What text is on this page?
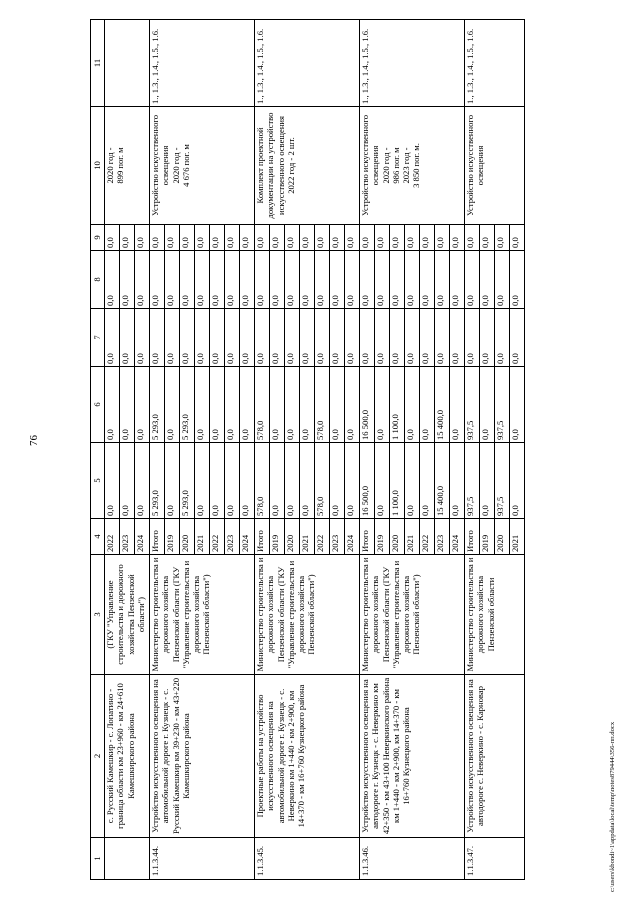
76
c:\users\kbondi~1\appdata\local\temp\notes879444\356-пп.docx
1	2	3	4	5	6	7	8	9	10	11
	с. Русский Камешкир - с. Лопатино - граница области км 23+960 - км 24+610 Камешкирского района	(ГКУ "Управление строительства и дорожного хозяйства Пензенской области")	2022	0,0	0,0	0,0	0,0	0,0	2020 год -
899 пог. м	
			2023	0,0	0,0	0,0	0,0	0,0		
			2024	0,0	0,0	0,0	0,0	0,0		
1.1.3.44.	Устройство искусственного освещения на автомобильной дороге г. Кузнецк - с. Русский Камешкир км 39+230 - км 43+220 Камешкирского района	Министерство строительства и дорожного хозяйства Пензенской области (ГКУ "Управление строительства и дорожного хозяйства Пензенской области")	Итого	5 293,0	5 293,0	0,0	0,0	0,0	Устройство искусственного освещения
2020 год -
4 676 пог. м	1., 1.3., 1.4., 1.5., 1.6.
			2019	0,0	0,0	0,0	0,0	0,0		
			2020	5 293,0	5 293,0	0,0	0,0	0,0		
			2021	0,0	0,0	0,0	0,0	0,0		
			2022	0,0	0,0	0,0	0,0	0,0		
			2023	0,0	0,0	0,0	0,0	0,0		
			2024	0,0	0,0	0,0	0,0	0,0		
1.1.3.45.	Проектные работы на устройство искусственного освещения на автомобильной дороге г. Кузнецк - с. Неверкино км 1+440 - км 2+900, км 14+370 - км 16+760 Кузнецкого района	Министерство строительства и дорожного хозяйства Пензенской области (ГКУ "Управление строительства и дорожного хозяйства Пензенской области")	Итого	578,0	578,0	0,0	0,0	0,0	Комплект проектной документации на устройство искусственного освещения
2022 год - 2 шт.	1., 1.3., 1.4., 1.5., 1.6.
			2019	0,0	0,0	0,0	0,0	0,0		
			2020	0,0	0,0	0,0	0,0	0,0		
			2021	0,0	0,0	0,0	0,0	0,0		
			2022	578,0	578,0	0,0	0,0	0,0		
			2023	0,0	0,0	0,0	0,0	0,0		
			2024	0,0	0,0	0,0	0,0	0,0		
1.1.3.46.	Устройство искусственного освещения на автодороге г. Кузнецк - с. Неверкино км 42+350 - км 43+100 Неверкинского района км 1+440 - км 2+900, км 14+370 - км 16+760 Кузнецкого района	Министерство строительства и дорожного хозяйства Пензенской области (ГКУ "Управление строительства и дорожного хозяйства Пензенской области")	Итого	16 500,0	16 500,0	0,0	0,0	0,0	Устройство искусственного освещения
2020 год -
986 пог. м
2023 год -
3 850 пог. м.	1., 1.3., 1.4., 1.5., 1.6.
			2019	0,0	0,0	0,0	0,0	0,0		
			2020	1 100,0	1 100,0	0,0	0,0	0,0		
			2021	0,0	0,0	0,0	0,0	0,0		
			2022	0,0	0,0	0,0	0,0	0,0		
			2023	15 400,0	15 400,0	0,0	0,0	0,0		
			2024	0,0	0,0	0,0	0,0	0,0		
1.1.3.47.	Устройство искусственного освещения на автодороге с. Неверкино - с. Карновар	Министерство строительства и дорожного хозяйства Пензенской области	Итого	937,5	937,5	0,0	0,0	0,0	Устройство искусственного освещения	1., 1.3., 1.4., 1.5., 1.6.
			2019	0,0	0,0	0,0	0,0	0,0		
			2020	937,5	937,5	0,0	0,0	0,0		
			2021	0,0	0,0	0,0	0,0	0,0		
